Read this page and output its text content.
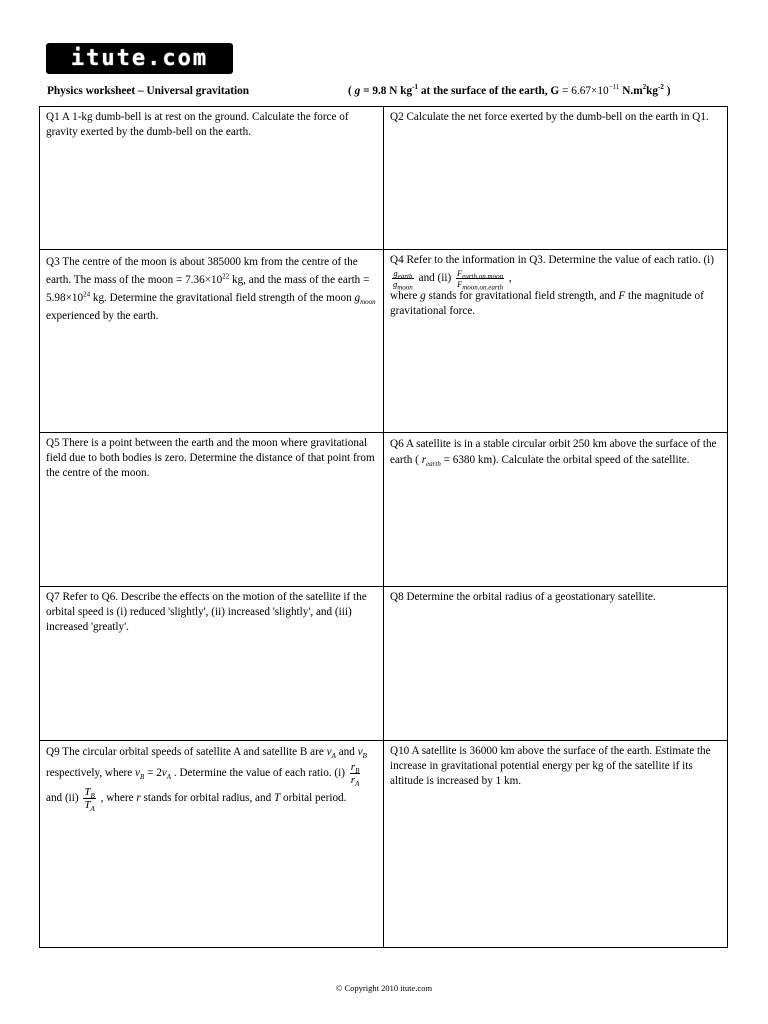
itute.com
Physics worksheet – Universal gravitation	( g = 9.8 N $kg^{-1}$ at the surface of the earth, $G = 6.67\times 10^{-11}$ $N.m^2kg^{-2}$ )
Q1 A 1-kg dumb-bell is at rest on the ground. Calculate the force of gravity exerted by the dumb-bell on the earth.
Q2 Calculate the net force exerted by the dumb-bell on the earth in Q1.
Q3 The centre of the moon is about 385000 km from the centre of the earth. The mass of the moon = $7.36\times 10^{22}$ kg, and the mass of the earth = $5.98\times 10^{24}$ kg. Determine the gravitational field strength of the moon $g_{moon}$ experienced by the earth.
Q4 Refer to the information in Q3. Determine the value of each ratio. (i)
$\frac{g_{earth}}{g_{moon}}$ and $(ii) \frac{F_{earth.on.moon}}{F_{moon.on.earth}}$ ,
where g stands for gravitational field strength, and F the magnitude of gravitational force.
Q5 There is a point between the earth and the moon where gravitational field due to both bodies is zero. Determine the distance of that point from the centre of the moon.
Q6 A satellite is in a stable circular orbit 250 km above the surface of the earth ( $r_{earth} = 6380$ km). Calculate the orbital speed of the satellite.
Q7 Refer to Q6. Describe the effects on the motion of the satellite if the orbital speed is (i) reduced 'slightly', (ii) increased 'slightly', and (iii) increased 'greatly'.
Q8 Determine the orbital radius of a geostationary satellite.
Q9 The circular orbital speeds of satellite A and satellite B are $v_A$ and $v_B$ respectively, where $v_B = 2v_A$ . Determine the value of each ratio. $(i) \frac{r_B}{r_A}$
and $(ii) \frac{T_B}{T_A}$ , where r stands for orbital radius, and T orbital period.
Q10 A satellite is 36000 km above the surface of the earth. Estimate the increase in gravitational potential energy per kg of the satellite if its altitude is increased by 1 km.
© Copyright 2010 itute.com
